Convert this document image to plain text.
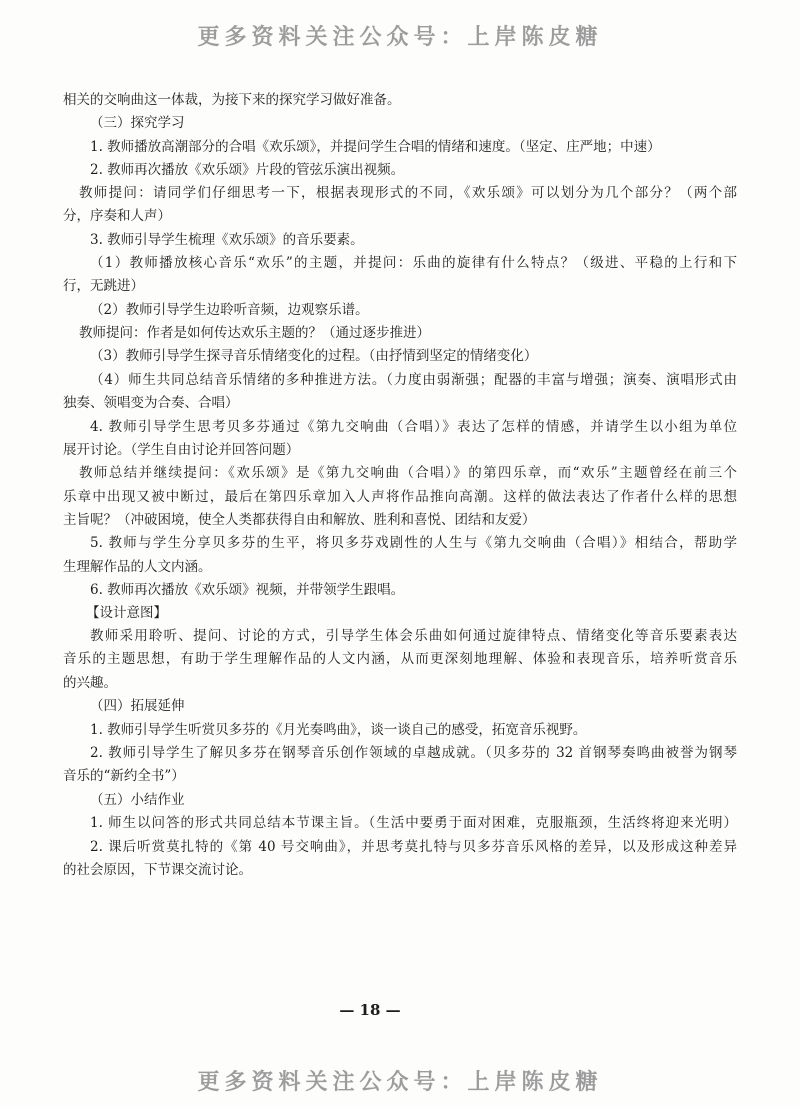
更多资料关注公众号：上岸陈皮糖
相关的交响曲这一体裁，为接下来的探究学习做好准备。
（三）探究学习
1. 教师播放高潮部分的合唱《欢乐颂》，并提问学生合唱的情绪和速度。（坚定、庄严地；中速）
2. 教师再次播放《欢乐颂》片段的管弦乐演出视频。
教师提问：请同学们仔细思考一下，根据表现形式的不同，《欢乐颂》可以划分为几个部分？（两个部
分，序奏和人声）
3. 教师引导学生梳理《欢乐颂》的音乐要素。
（1）教师播放核心音乐“欢乐”的主题，并提问：乐曲的旋律有什么特点？（级进、平稳的上行和下
行，无跳进）
（2）教师引导学生边聆听音频，边观察乐谱。
教师提问：作者是如何传达欢乐主题的？（通过逐步推进）
（3）教师引导学生探寻音乐情绪变化的过程。（由抒情到坚定的情绪变化）
（4）师生共同总结音乐情绪的多种推进方法。（力度由弱渐强；配器的丰富与增强；演奏、演唱形式由
独奏、领唱变为合奏、合唱）
4. 教师引导学生思考贝多芬通过《第九交响曲（合唱）》表达了怎样的情感，并请学生以小组为单位
展开讨论。（学生自由讨论并回答问题）
教师总结并继续提问：《欢乐颂》是《第九交响曲（合唱）》的第四乐章，而“欢乐”主题曾经在前三个
乐章中出现又被中断过，最后在第四乐章加入人声将作品推向高潮。这样的做法表达了作者什么样的思想
主旨呢？（冲破困境，使全人类都获得自由和解放、胜利和喜悦、团结和友爱）
5. 教师与学生分享贝多芬的生平，将贝多芬戏剧性的人生与《第九交响曲（合唱）》相结合，帮助学
生理解作品的人文内涵。
6. 教师再次播放《欢乐颂》视频，并带领学生跟唱。
【设计意图】
教师采用聆听、提问、讨论的方式，引导学生体会乐曲如何通过旋律特点、情绪变化等音乐要素表达
音乐的主题思想，有助于学生理解作品的人文内涵，从而更深刻地理解、体验和表现音乐，培养听赏音乐
的兴趣。
（四）拓展延伸
1. 教师引导学生听赏贝多芬的《月光奏鸣曲》，谈一谈自己的感受，拓宽音乐视野。
2. 教师引导学生了解贝多芬在钢琴音乐创作领域的卓越成就。（贝多芬的 32 首钢琴奏鸣曲被誉为钢琴
音乐的“新约全书”）
（五）小结作业
1. 师生以问答的形式共同总结本节课主旨。（生活中要勇于面对困难，克服瓶颈，生活终将迎来光明）
2. 课后听赏莫扎特的《第 40 号交响曲》，并思考莫扎特与贝多芬音乐风格的差异，以及形成这种差异
的社会原因，下节课交流讨论。
— 18 —
更多资料关注公众号：上岸陈皮糖
